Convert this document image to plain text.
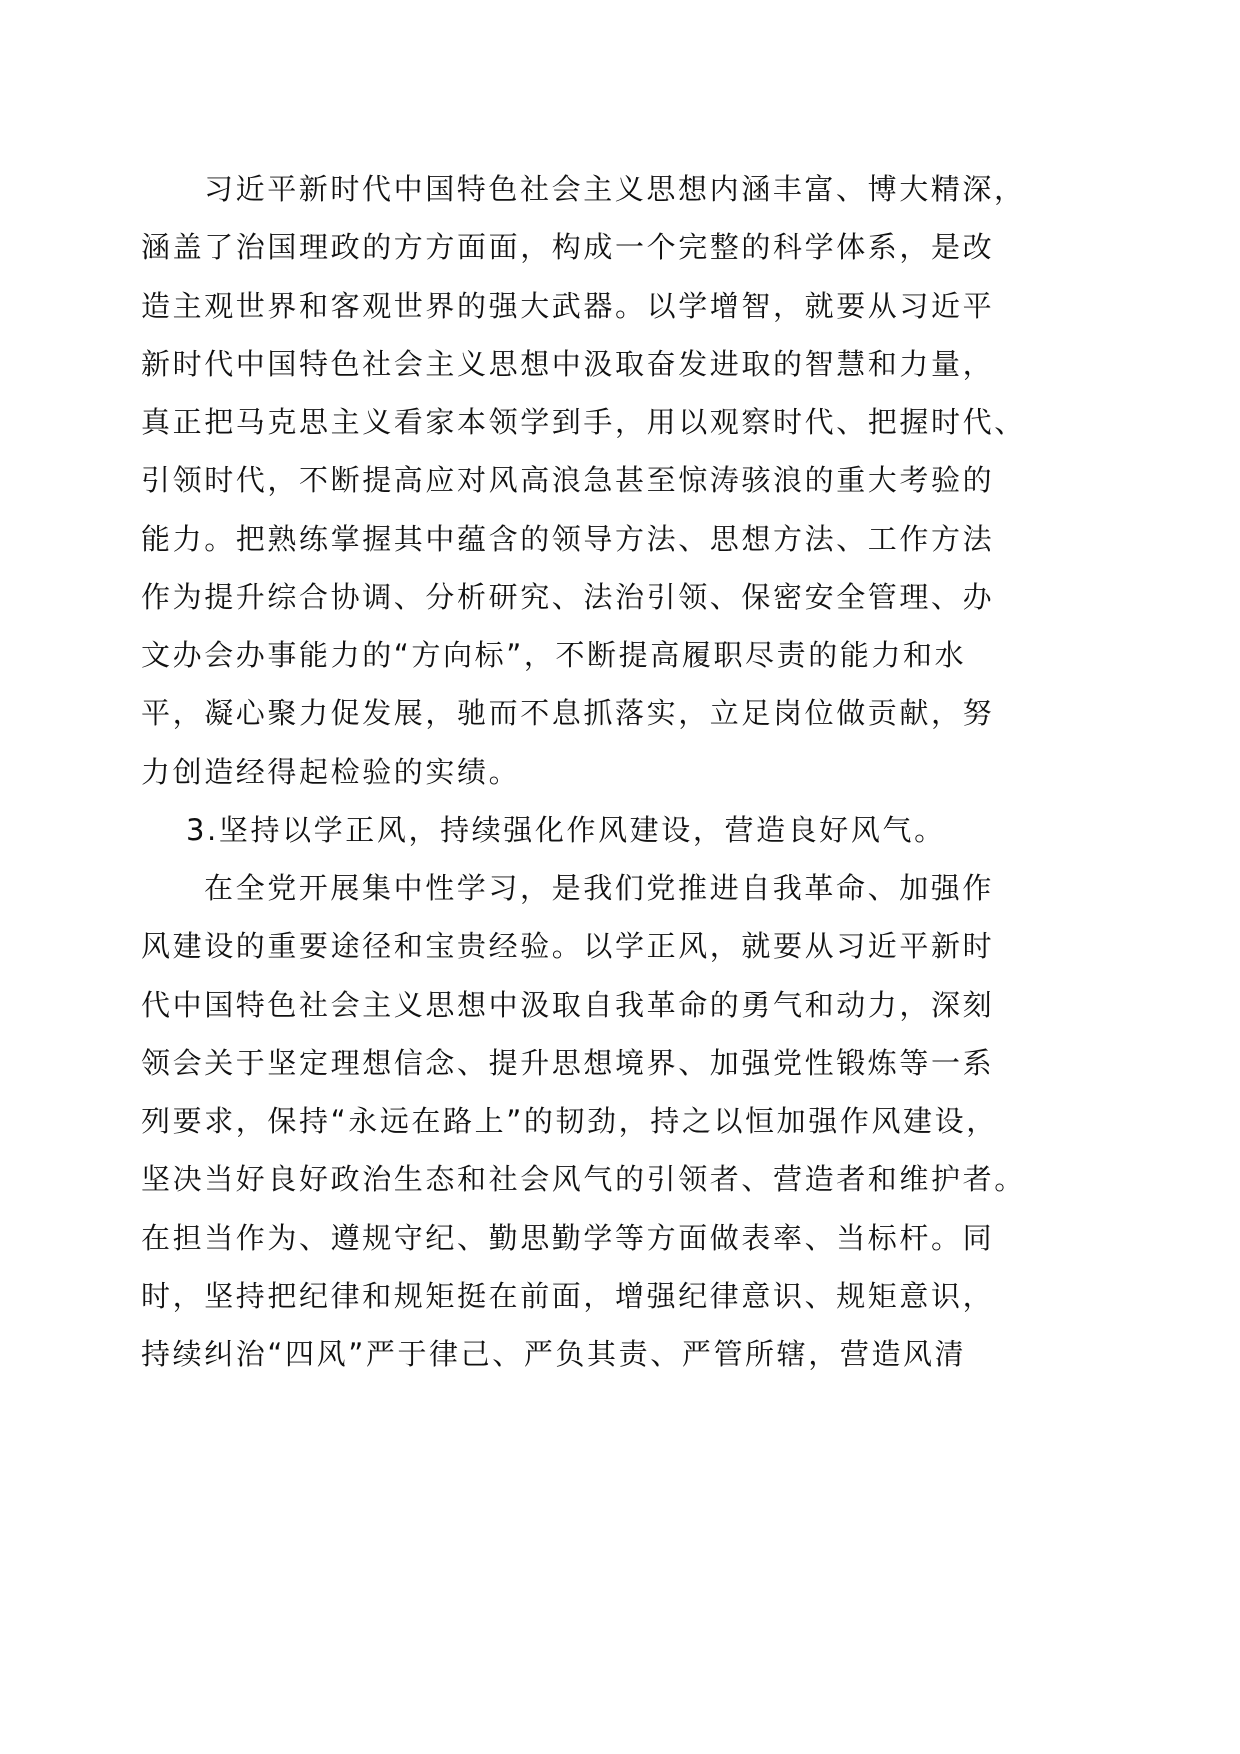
习近平新时代中国特色社会主义思想内涵丰富、博大精深，
涵盖了治国理政的方方面面，构成一个完整的科学体系，是改
造主观世界和客观世界的强大武器。以学增智，就要从习近平
新时代中国特色社会主义思想中汲取奋发进取的智慧和力量，
真正把马克思主义看家本领学到手，用以观察时代、把握时代、
引领时代，不断提高应对风高浪急甚至惊涛骇浪的重大考验的
能力。把熟练掌握其中蕴含的领导方法、思想方法、工作方法
作为提升综合协调、分析研究、法治引领、保密安全管理、办
文办会办事能力的“方向标”，不断提高履职尽责的能力和水
平，凝心聚力促发展，驰而不息抓落实，立足岗位做贡献，努
力创造经得起检验的实绩。
3.坚持以学正风，持续强化作风建设，营造良好风气。
在全党开展集中性学习，是我们党推进自我革命、加强作
风建设的重要途径和宝贵经验。以学正风，就要从习近平新时
代中国特色社会主义思想中汲取自我革命的勇气和动力，深刻
领会关于坚定理想信念、提升思想境界、加强党性锻炼等一系
列要求，保持“永远在路上”的韧劲，持之以恒加强作风建设，
坚决当好良好政治生态和社会风气的引领者、营造者和维护者。
在担当作为、遵规守纪、勤思勤学等方面做表率、当标杆。同
时，坚持把纪律和规矩挺在前面，增强纪律意识、规矩意识，
持续纠治“四风”严于律己、严负其责、严管所辖，营造风清
